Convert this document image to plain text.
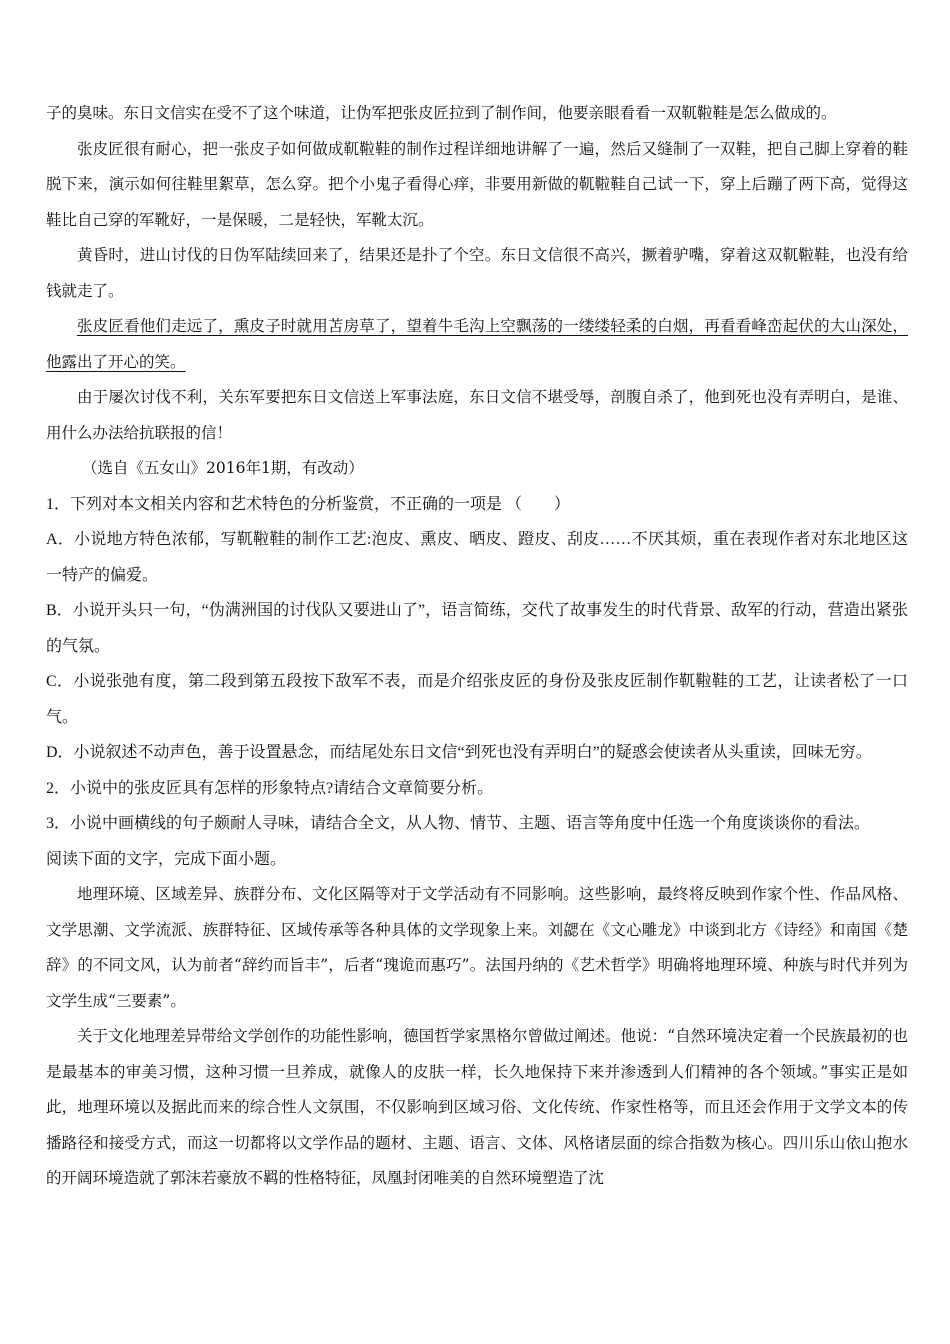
子的臭味。东日文信实在受不了这个味道，让伪军把张皮匠拉到了制作间，他要亲眼看看一双靰鞡鞋是怎么做成的。

张皮匠很有耐心，把一张皮子如何做成靰鞡鞋的制作过程详细地讲解了一遍，然后又缝制了一双鞋，把自己脚上穿着的鞋脱下来，演示如何往鞋里絮草，怎么穿。把个小鬼子看得心痒，非要用新做的靰鞡鞋自己试一下，穿上后蹦了两下高，觉得这鞋比自己穿的军靴好，一是保暖，二是轻快，军靴太沉。

黄昏时，进山讨伐的日伪军陆续回来了，结果还是扑了个空。东日文信很不高兴，撅着驴嘴，穿着这双靰鞡鞋，也没有给钱就走了。

张皮匠看他们走远了，熏皮子时就用苫房草了，望着牛毛沟上空飘荡的一缕缕轻柔的白烟，再看看峰峦起伏的大山深处，他露出了开心的笑。

由于屡次讨伐不利，关东军要把东日文信送上军事法庭，东日文信不堪受辱，剖腹自杀了，他到死也没有弄明白，是谁、用什么办法给抗联报的信！

（选自《五女山》2016年1期，有改动）

1．下列对本文相关内容和艺术特色的分析鉴赏，不正确的一项是 （　　）

A．小说地方特色浓郁，写靰鞡鞋的制作工艺:泡皮、熏皮、晒皮、蹬皮、刮皮……不厌其烦，重在表现作者对东北地区这一特产的偏爱。

B．小说开头只一句，“伪满洲国的讨伐队又要进山了”，语言简练，交代了故事发生的时代背景、敌军的行动，营造出紧张的气氛。

C．小说张弛有度，第二段到第五段按下敌军不表，而是介绍张皮匠的身份及张皮匠制作靰鞡鞋的工艺，让读者松了一口气。

D．小说叙述不动声色，善于设置悬念，而结尾处东日文信“到死也没有弄明白”的疑惑会使读者从头重读，回味无穷。

2．小说中的张皮匠具有怎样的形象特点?请结合文章简要分析。

3．小说中画横线的句子颇耐人寻味，请结合全文，从人物、情节、主题、语言等角度中任选一个角度谈谈你的看法。

阅读下面的文字，完成下面小题。

地理环境、区域差异、族群分布、文化区隔等对于文学活动有不同影响。这些影响，最终将反映到作家个性、作品风格、文学思潮、文学流派、族群特征、区域传承等各种具体的文学现象上来。刘勰在《文心雕龙》中谈到北方《诗经》和南国《楚辞》的不同文风，认为前者“辞约而旨丰”，后者“瑰诡而惠巧”。法国丹纳的《艺术哲学》明确将地理环境、种族与时代并列为文学生成“三要素”。

关于文化地理差异带给文学创作的功能性影响，德国哲学家黑格尔曾做过阐述。他说：“自然环境决定着一个民族最初的也是最基本的审美习惯，这种习惯一旦养成，就像人的皮肤一样，长久地保持下来并渗透到人们精神的各个领域。”事实正是如此，地理环境以及据此而来的综合性人文氛围，不仅影响到区域习俗、文化传统、作家性格等，而且还会作用于文学文本的传播路径和接受方式，而这一切都将以文学作品的题材、主题、语言、文体、风格诸层面的综合指数为核心。四川乐山依山抱水的开阔环境造就了郭沫若豪放不羁的性格特征，凤凰封闭唯美的自然环境塑造了沈
